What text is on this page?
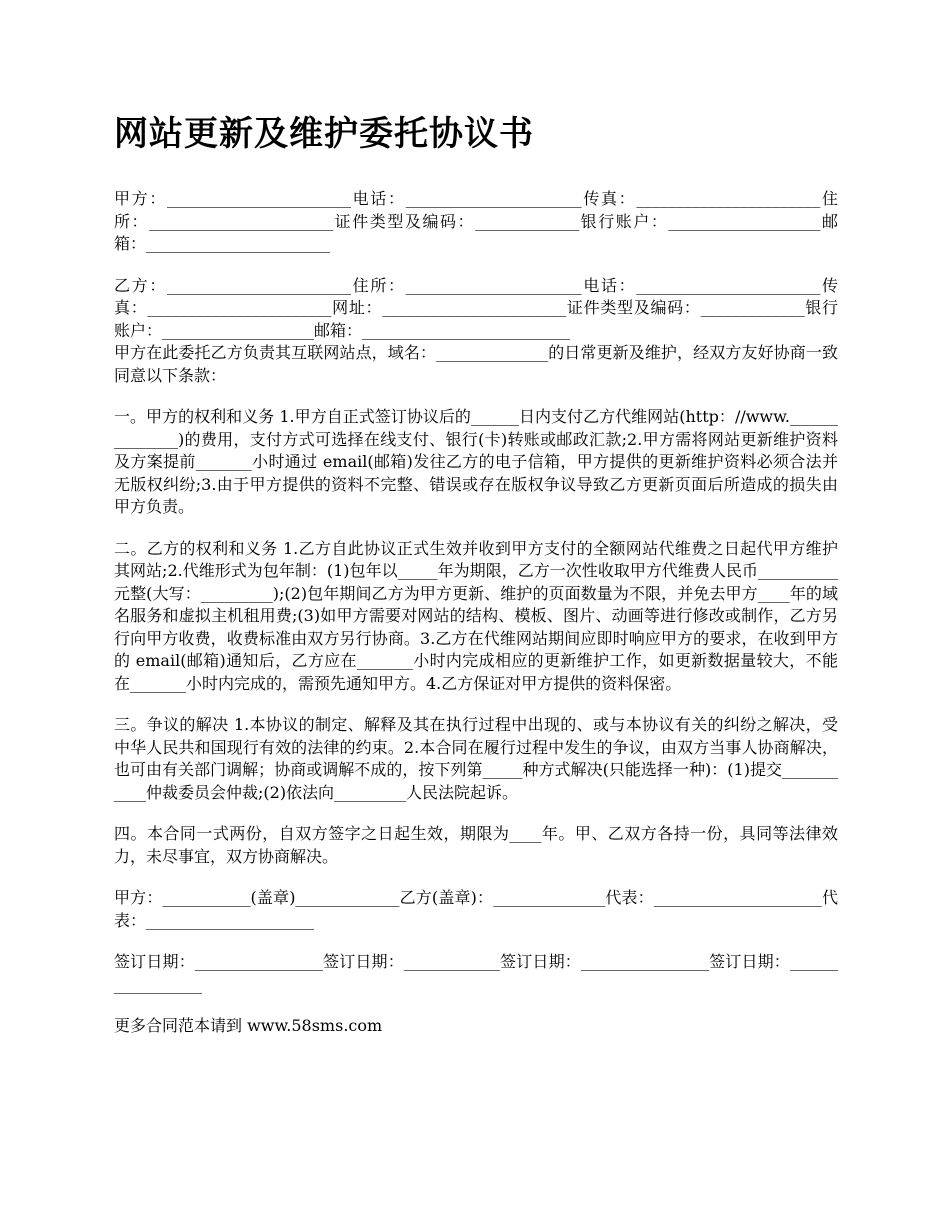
网站更新及维护委托协议书

甲方：_______________________电话：______________________传真：_______________________住所：_______________________证件类型及编码：_____________银行账户：___________________邮箱：_______________________

乙方：_______________________住所：______________________电话：_______________________传真：_______________________网址：_______________________证件类型及编码：_____________银行账户：___________________邮箱：__________________________

甲方在此委托乙方负责其互联网站点，域名：______________的日常更新及维护，经双方友好协商一致同意以下条款：

一。甲方的权利和义务 1.甲方自正式签订协议后的______日内支付乙方代维网站(http：//www.______________)的费用，支付方式可选择在线支付、银行(卡)转账或邮政汇款;2.甲方需将网站更新维护资料及方案提前_______小时通过 email(邮箱)发往乙方的电子信箱，甲方提供的更新维护资料必须合法并无版权纠纷;3.由于甲方提供的资料不完整、错误或存在版权争议导致乙方更新页面后所造成的损失由甲方负责。

二。乙方的权利和义务 1.乙方自此协议正式生效并收到甲方支付的全额网站代维费之日起代甲方维护其网站;2.代维形式为包年制：(1)包年以_____年为期限，乙方一次性收取甲方代维费人民币__________元整(大写：_________);(2)包年期间乙方为甲方更新、维护的页面数量为不限，并免去甲方____年的域名服务和虚拟主机租用费;(3)如甲方需要对网站的结构、模板、图片、动画等进行修改或制作，乙方另行向甲方收费，收费标准由双方另行协商。3.乙方在代维网站期间应即时响应甲方的要求，在收到甲方的 email(邮箱)通知后，乙方应在_______小时内完成相应的更新维护工作，如更新数据量较大，不能在_______小时内完成的，需预先通知甲方。4.乙方保证对甲方提供的资料保密。

三。争议的解决 1.本协议的制定、解释及其在执行过程中出现的、或与本协议有关的纠纷之解决，受中华人民共和国现行有效的法律的约束。2.本合同在履行过程中发生的争议，由双方当事人协商解决，也可由有关部门调解；协商或调解不成的，按下列第_____种方式解决(只能选择一种)：(1)提交___________仲裁委员会仲裁;(2)依法向_________人民法院起诉。

四。本合同一式两份，自双方签字之日起生效，期限为____年。甲、乙双方各持一份，具同等法律效力，未尽事宜，双方协商解决。

甲方：___________(盖章)_____________乙方(盖章)：______________代表：_____________________代表：_____________________

签订日期：________________签订日期：____________签订日期：________________签订日期：_________________

更多合同范本请到 www.58sms.com
